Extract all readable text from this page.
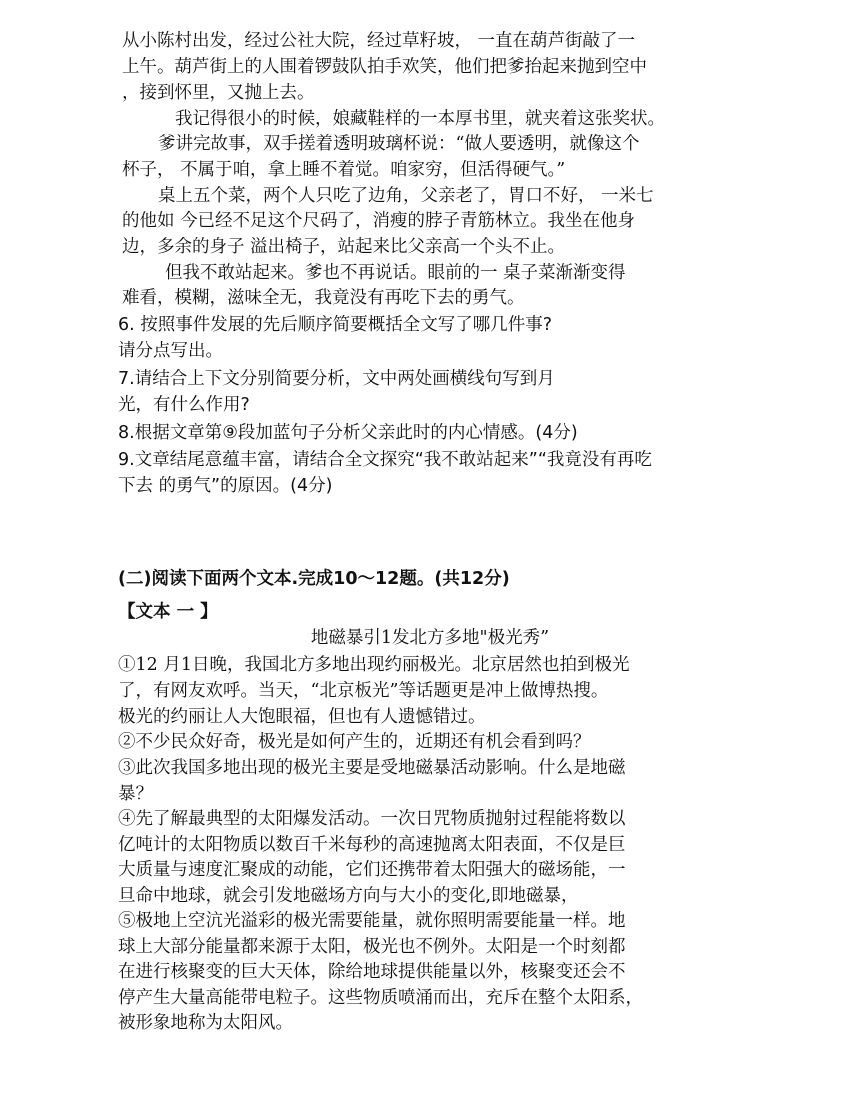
从小陈村出发，经过公社大院，经过草籽坡， 一直在葫芦街敲了一
上午。葫芦街上的人围着锣鼓队拍手欢笑，他们把爹抬起来抛到空中
，接到怀里，又抛上去。
我记得很小的时候，娘藏鞋样的一本厚书里，就夹着这张奖状。
爹讲完故事，双手搓着透明玻璃杯说：“做人要透明，就像这个
杯子， 不属于咱，拿上睡不着觉。咱家穷，但活得硬气。”
桌上五个菜，两个人只吃了边角，父亲老了，胃口不好， 一米七
的他如 今已经不足这个尺码了，消瘦的脖子青筋林立。我坐在他身
边，多余的身子 溢出椅子，站起来比父亲高一个头不止。
但我不敢站起来。爹也不再说话。眼前的一 桌子菜渐渐变得
难看，模糊，滋味全无，我竟没有再吃下去的勇气。
6. 按照事件发展的先后顺序简要概括全文写了哪几件事?
请分点写出。
7.请结合上下文分别简要分析，文中两处画横线句写到月
光，有什么作用?
8.根据文章第⑨段加蓝句子分析父亲此时的内心情感。(4分)
9.文章结尾意蕴丰富，请结合全文探究“我不敢站起来”“我竟没有再吃
下去 的勇气”的原因。(4分)
(二)阅读下面两个文本.完成10～12题。(共12分)
【文本 一 】
地磁暴引1发北方多地"极光秀”
①12 月1日晚，我国北方多地出现约丽极光。北京居然也拍到极光
了，有网友欢呼。当天，“北京板光”等话题更是冲上做博热搜。
极光的约丽让人大饱眼福，但也有人遗憾错过。
②不少民众好奇，极光是如何产生的，近期还有机会看到吗？
③此次我国多地出现的极光主要是受地磁暴活动影响。什么是地磁
暴？
④先了解最典型的太阳爆发活动。一次日咒物质抛射过程能将数以
亿吨计的太阳物质以数百千米每秒的高速抛离太阳表面，不仅是巨
大质量与速度汇聚成的动能，它们还携带着太阳强大的磁场能，一
旦命中地球，就会引发地磁场方向与大小的变化,即地磁暴，
⑤极地上空沆光溢彩的极光需要能量，就你照明需要能量一样。地
球上大部分能量都来源于太阳，极光也不例外。太阳是一个时刻都
在进行核聚变的巨大天体，除给地球提供能量以外，核聚变还会不
停产生大量高能带电粒子。这些物质喷涌而出，充斥在整个太阳系，
被形象地称为太阳风。
